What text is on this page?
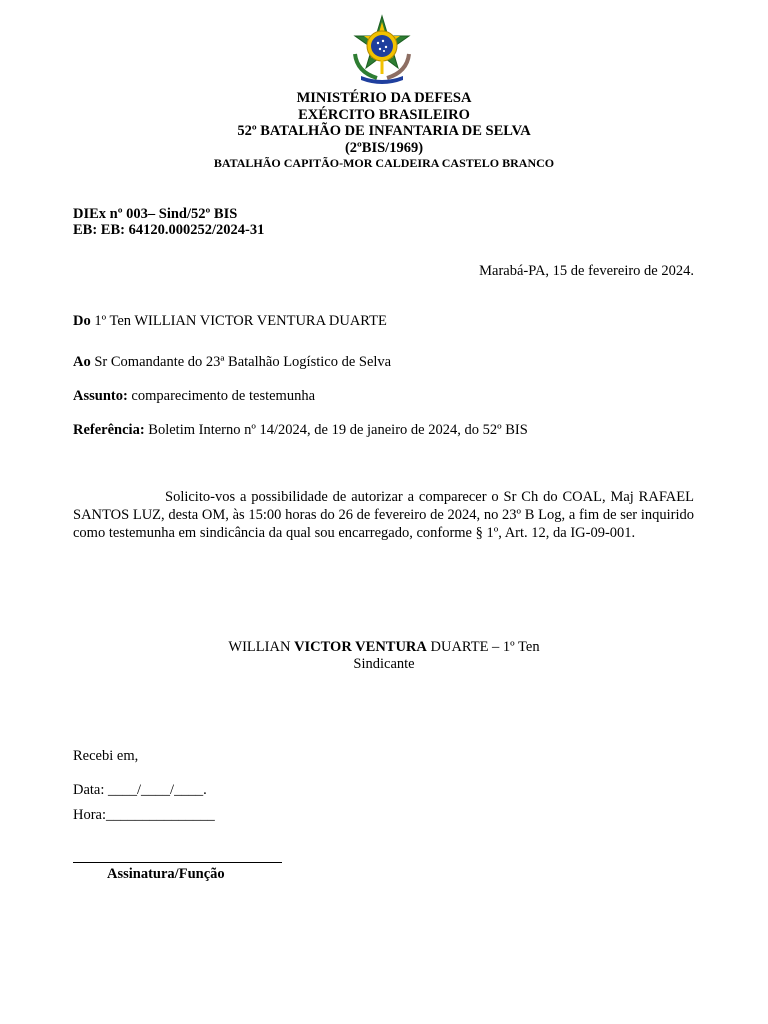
MINISTÉRIO DA DEFESA
EXÉRCITO BRASILEIRO
52º BATALHÃO DE INFANTARIA DE SELVA
(2ºBIS/1969)
BATALHÃO CAPITÃO-MOR CALDEIRA CASTELO BRANCO
DIEx nº 003– Sind/52º BIS
EB: EB: 64120.000252/2024-31
Marabá-PA, 15 de fevereiro de 2024.
Do 1º Ten WILLIAN VICTOR VENTURA DUARTE
Ao Sr Comandante do 23ª Batalhão Logístico de Selva
Assunto: comparecimento de testemunha
Referência: Boletim Interno nº 14/2024, de 19 de janeiro de 2024, do 52º BIS
Solicito-vos a possibilidade de autorizar a comparecer o Sr Ch do COAL, Maj RAFAEL SANTOS LUZ, desta OM, às 15:00 horas do 26 de fevereiro de 2024, no 23º B Log, a fim de ser inquirido como testemunha em sindicância da qual sou encarregado, conforme § 1º, Art. 12, da IG-09-001.
WILLIAN VICTOR VENTURA DUARTE – 1º Ten
Sindicante
Recebi em,
Data: ____/____/____.
Hora:_______________
Assinatura/Função
